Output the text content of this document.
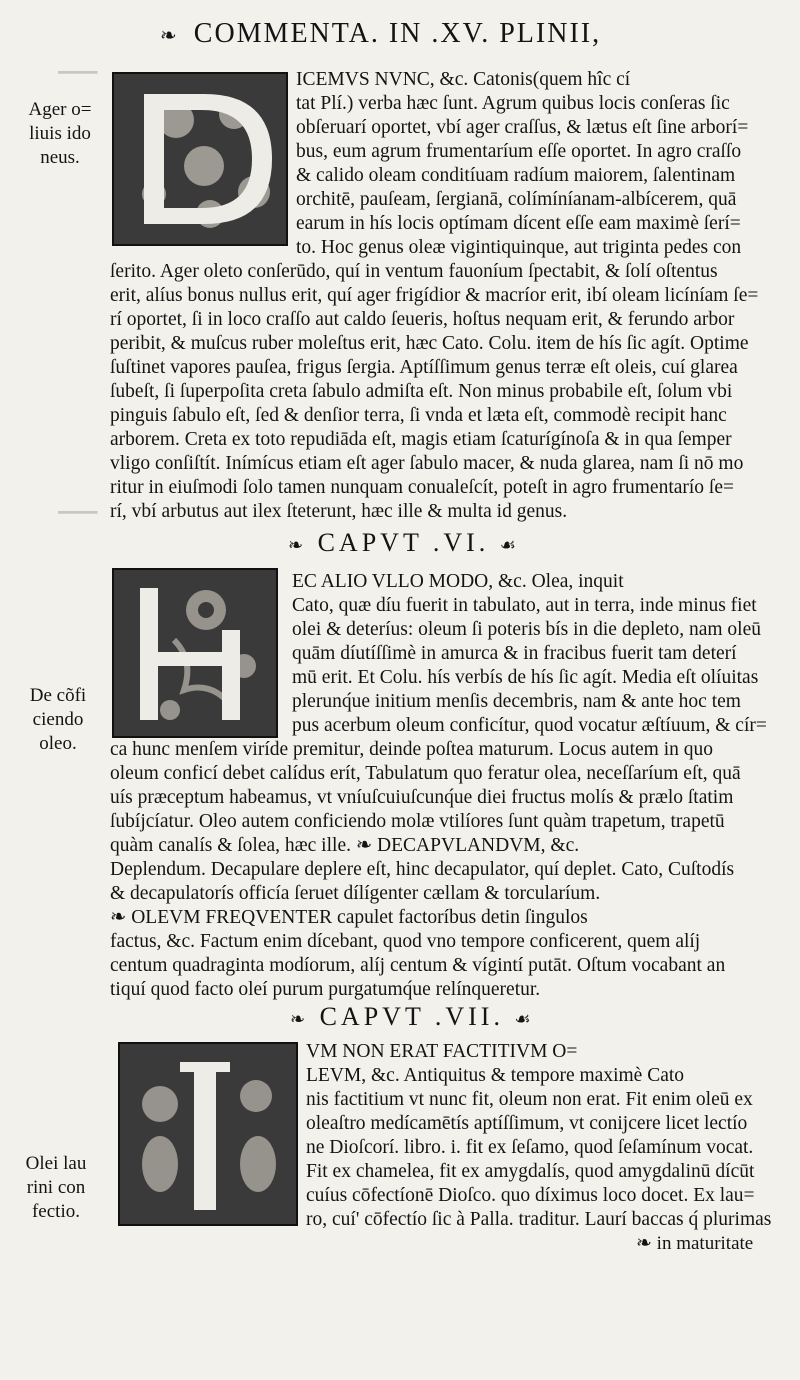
❧ COMMENTA. IN .XV. PLINII,
▔▔▔
▔▔▔
Ager o=
liuis ido
neus.
De cõfi
ciendo
oleo.
Olei lau
rini con
fectio.
ICEMVS NVNC, &c. Catonis(quem hîc cí
tat Plí.) verba hæc ſunt. Agrum quibus locis conſeras ſic
obſeruarí oportet, vbí ager craſſus, & lætus eſt ſine arborí=
bus, eum agrum frumentaríum eſſe oportet. In agro craſſo
& calido oleam conditíuam radíum maiorem, ſalentinam
orchitē, pauſeam, ſergianā, colímíníanam-albícerem, quā
earum in hís locis optímam dícent eſſe eam maximè ſerí=
to. Hoc genus oleæ vigintiquinque, aut triginta pedes con
ſerito. Ager oleto conſerūdo, quí in ventum fauoníum ſpectabit, & ſolí oſtentus
erit, alíus bonus nullus erit, quí ager frigídior & macríor erit, ibí oleam licíníam ſe=
rí oportet, ſi in loco craſſo aut caldo ſeueris, hoſtus nequam erit, & ferundo arbor
peribit, & muſcus ruber moleſtus erit, hæc Cato. Colu. item de hís ſic agít. Optime
ſuſtinet vapores pauſea, frigus ſergia. Aptíſſimum genus terræ eſt oleis, cuí glarea
ſubeſt, ſi ſuperpoſita creta ſabulo admiſta eſt. Non minus probabile eſt, ſolum vbi
pinguis ſabulo eſt, ſed & denſior terra, ſi vnda et læta eſt, commodè recipit hanc
arborem. Creta ex toto repudiāda eſt, magis etiam ſcaturígínoſa & in qua ſemper
vligo conſiſtít. Inímícus etiam eſt ager ſabulo macer, & nuda glarea, nam ſi nō mo
ritur in eiuſmodi ſolo tamen nunquam conualeſcít, poteſt in agro frumentarío ſe=
rí, vbí arbutus aut ilex ſteterunt, hæc ille & multa id genus.
❧ CAPVT .VI. ☙
EC ALIO VLLO MODO, &c. Olea, inquit
Cato, quæ díu fuerit in tabulato, aut in terra, inde minus fiet
olei & deteríus: oleum ſi poteris bís in die depleto, nam oleū
quām díutíſſimè in amurca & in fracibus fuerit tam deterí
mū erit. Et Colu. hís verbís de hís ſic agít. Media eſt olíuitas
plerunq́ue initium menſis decembris, nam & ante hoc tem
pus acerbum oleum conficítur, quod vocatur æſtíuum, & cír=
ca hunc menſem viríde premitur, deinde poſtea maturum. Locus autem in quo
oleum conficí debet calídus erít, Tabulatum quo feratur olea, neceſſaríum eſt, quā
uís præceptum habeamus, vt vníuſcuiuſcunq́ue diei fructus molís & prælo ſtatim
ſubíjcíatur. Oleo autem conficiendo molæ vtilíores ſunt quàm trapetum, trapetū
quàm canalís & ſolea, hæc ille. ❧ DECAPVLANDVM, &c.
Deplendum. Decapulare deplere eſt, hinc decapulator, quí deplet. Cato, Cuſtodís
& decapulatorís officía ſeruet dílígenter cællam & torcularíum.
❧ OLEVM FREQVENTER capulet factoríbus detin ſingulos
factus, &c. Factum enim dícebant, quod vno tempore conficerent, quem alíj
centum quadraginta modíorum, alíj centum & vígintí putāt. Oſtum vocabant an
tiquí quod facto oleí purum purgatumq́ue relínqueretur.
❧ CAPVT .VII. ☙
VM NON ERAT FACTITIVM O=
LEVM, &c. Antiquitus & tempore maximè Cato
nis factitium vt nunc fit, oleum non erat. Fit enim oleū ex
oleaſtro medícamētís aptíſſimum, vt conijcere licet lectío
ne Dioſcorí. libro. i. fit ex ſeſamo, quod ſeſamínum vocat.
Fit ex chamelea, fit ex amygdalís, quod amygdalinū dícūt
cuíus cōfectíonē Dioſco. quo díximus loco docet. Ex lau=
ro, cuí' cōfectío ſic à Palla. traditur. Laurí baccas q́ plurimas
❧ in maturitate
